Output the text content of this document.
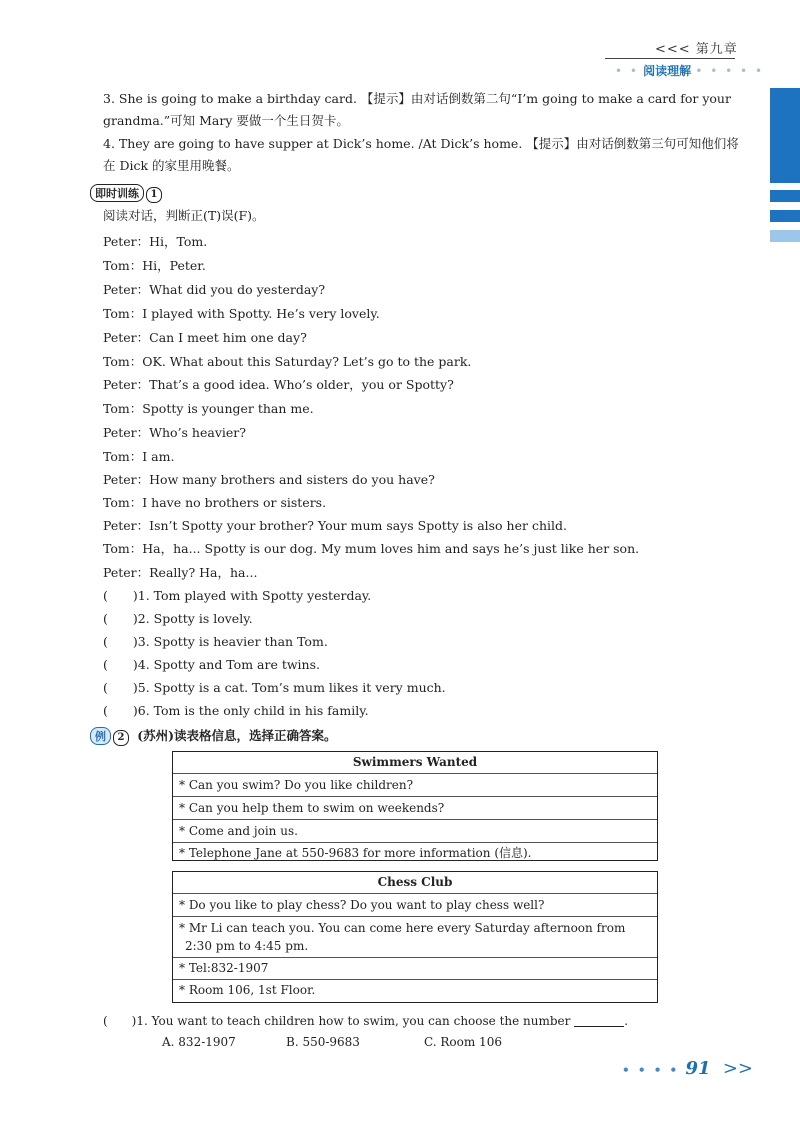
<<< 第九章
• • 阅读理解 • • • • •
3. She is going to make a birthday card. 【提示】由对话倒数第二句“I’m going to make a card for your grandma.”可知 Mary 要做一个生日贺卡。
4. They are going to have supper at Dick’s home. /At Dick’s home. 【提示】由对话倒数第三句可知他们将在 Dick 的家里用晚餐。
即时训练 1
阅读对话，判断正(T)误(F)。
Peter：Hi，Tom.
Tom：Hi，Peter.
Peter：What did you do yesterday?
Tom：I played with Spotty. He’s very lovely.
Peter：Can I meet him one day?
Tom：OK. What about this Saturday? Let’s go to the park.
Peter：That’s a good idea. Who’s older，you or Spotty?
Tom：Spotty is younger than me.
Peter：Who’s heavier?
Tom：I am.
Peter：How many brothers and sisters do you have?
Tom：I have no brothers or sisters.
Peter：Isn’t Spotty your brother? Your mum says Spotty is also her child.
Tom：Ha，ha... Spotty is our dog. My mum loves him and says he’s just like her son.
Peter：Really? Ha，ha...
(　　)1. Tom played with Spotty yesterday.
(　　)2. Spotty is lovely.
(　　)3. Spotty is heavier than Tom.
(　　)4. Spotty and Tom are twins.
(　　)5. Spotty is a cat. Tom’s mum likes it very much.
(　　)6. Tom is the only child in his family.
例 2 (苏州)读表格信息，选择正确答案。
Swimmers Wanted
* Can you swim? Do you like children?
* Can you help them to swim on weekends?
* Come and join us.
* Telephone Jane at 550-9683 for more information (信息).
Chess Club
* Do you like to play chess? Do you want to play chess well?
* Mr Li can teach you. You can come here every Saturday afternoon from
2:30 pm to 4:45 pm.
* Tel:832-1907
* Room 106, 1st Floor.
(　　)1. You want to teach children how to swim, you can choose the number	.
A. 832-1907	B. 550-9683	C. Room 106
• • • • 91 >>
